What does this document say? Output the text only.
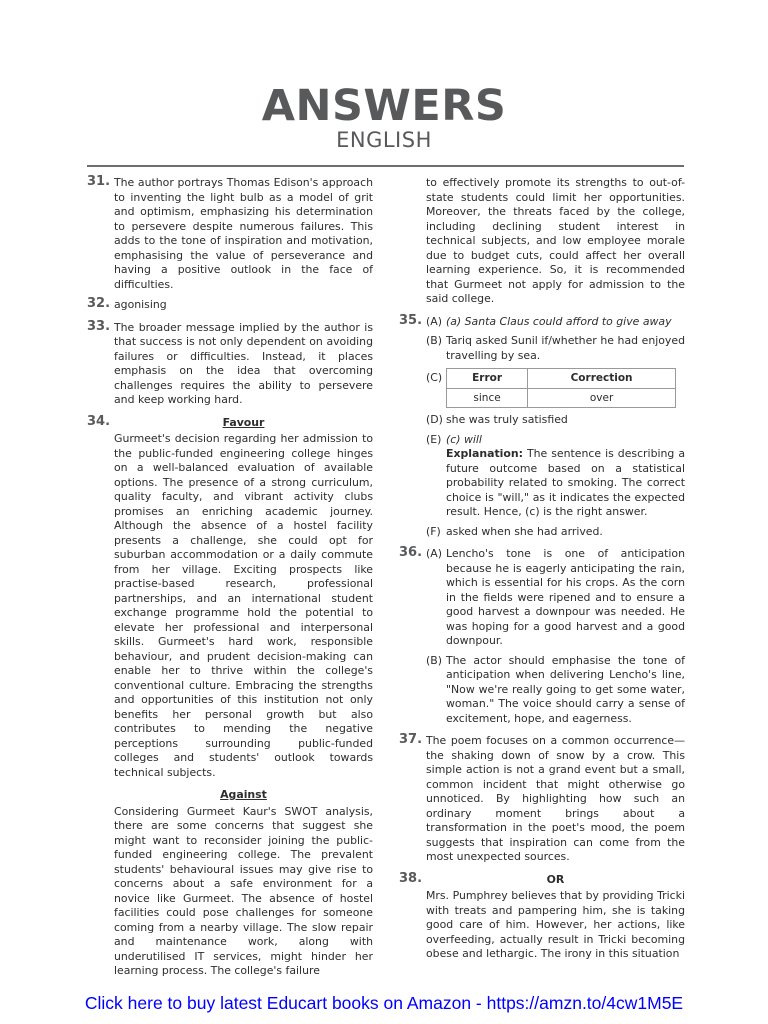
ANSWERS
ENGLISH
31. The author portrays Thomas Edison's approach to inventing the light bulb as a model of grit and optimism, emphasizing his determination to persevere despite numerous failures. This adds to the tone of inspiration and motivation, emphasising the value of perseverance and having a positive outlook in the face of difficulties.

32. agonising

33. The broader message implied by the author is that success is not only dependent on avoiding failures or difficulties. Instead, it places emphasis on the idea that overcoming challenges requires the ability to persevere and keep working hard.

34.	Favour

Gurmeet's decision regarding her admission to the public-funded engineering college hinges on a well-balanced evaluation of available options. The presence of a strong curriculum, quality faculty, and vibrant activity clubs promises an enriching academic journey. Although the absence of a hostel facility presents a challenge, she could opt for suburban accommodation or a daily commute from her village. Exciting prospects like practise-based research, professional partnerships, and an international student exchange programme hold the potential to elevate her professional and interpersonal skills. Gurmeet's hard work, responsible behaviour, and prudent decision-making can enable her to thrive within the college's conventional culture. Embracing the strengths and opportunities of this institution not only benefits her personal growth but also contributes to mending the negative perceptions surrounding public-funded colleges and students' outlook towards technical subjects.

Against

Considering Gurmeet Kaur's SWOT analysis, there are some concerns that suggest she might want to reconsider joining the public-funded engineering college. The prevalent students' behavioural issues may give rise to concerns about a safe environment for a novice like Gurmeet. The absence of hostel facilities could pose challenges for someone coming from a nearby village. The slow repair and maintenance work, along with underutilised IT services, might hinder her learning process. The college's failure

to effectively promote its strengths to out-of-state students could limit her opportunities. Moreover, the threats faced by the college, including declining student interest in technical subjects, and low employee morale due to budget cuts, could affect her overall learning experience. So, it is recommended that Gurmeet not apply for admission to the said college.

35. (A) (a) Santa Claus could afford to give away

(B) Tariq asked Sunil if/whether he had enjoyed travelling by sea.

(C)	Error	Correction
since	over
(D) she was truly satisfied

(E) (c) will

Explanation: The sentence is describing a future outcome based on a statistical probability related to smoking. The correct choice is "will," as it indicates the expected result. Hence, (c) is the right answer.

(F) asked when she had arrived.

36. (A) Lencho's tone is one of anticipation because he is eagerly anticipating the rain, which is essential for his crops. As the corn in the fields were ripened and to ensure a good harvest a downpour was needed. He was hoping for a good harvest and a good downpour.

(B) The actor should emphasise the tone of anticipation when delivering Lencho's line, "Now we're really going to get some water, woman." The voice should carry a sense of excitement, hope, and eagerness.

37. The poem focuses on a common occurrence—the shaking down of snow by a crow. This simple action is not a grand event but a small, common incident that might otherwise go unnoticed. By highlighting how such an ordinary moment brings about a transformation in the poet's mood, the poem suggests that inspiration can come from the most unexpected sources.

38.	OR

Mrs. Pumphrey believes that by providing Tricki with treats and pampering him, she is taking good care of him. However, her actions, like overfeeding, actually result in Tricki becoming obese and lethargic. The irony in this situation

Click here to buy latest Educart books on Amazon - https://amzn.to/4cw1M5E
